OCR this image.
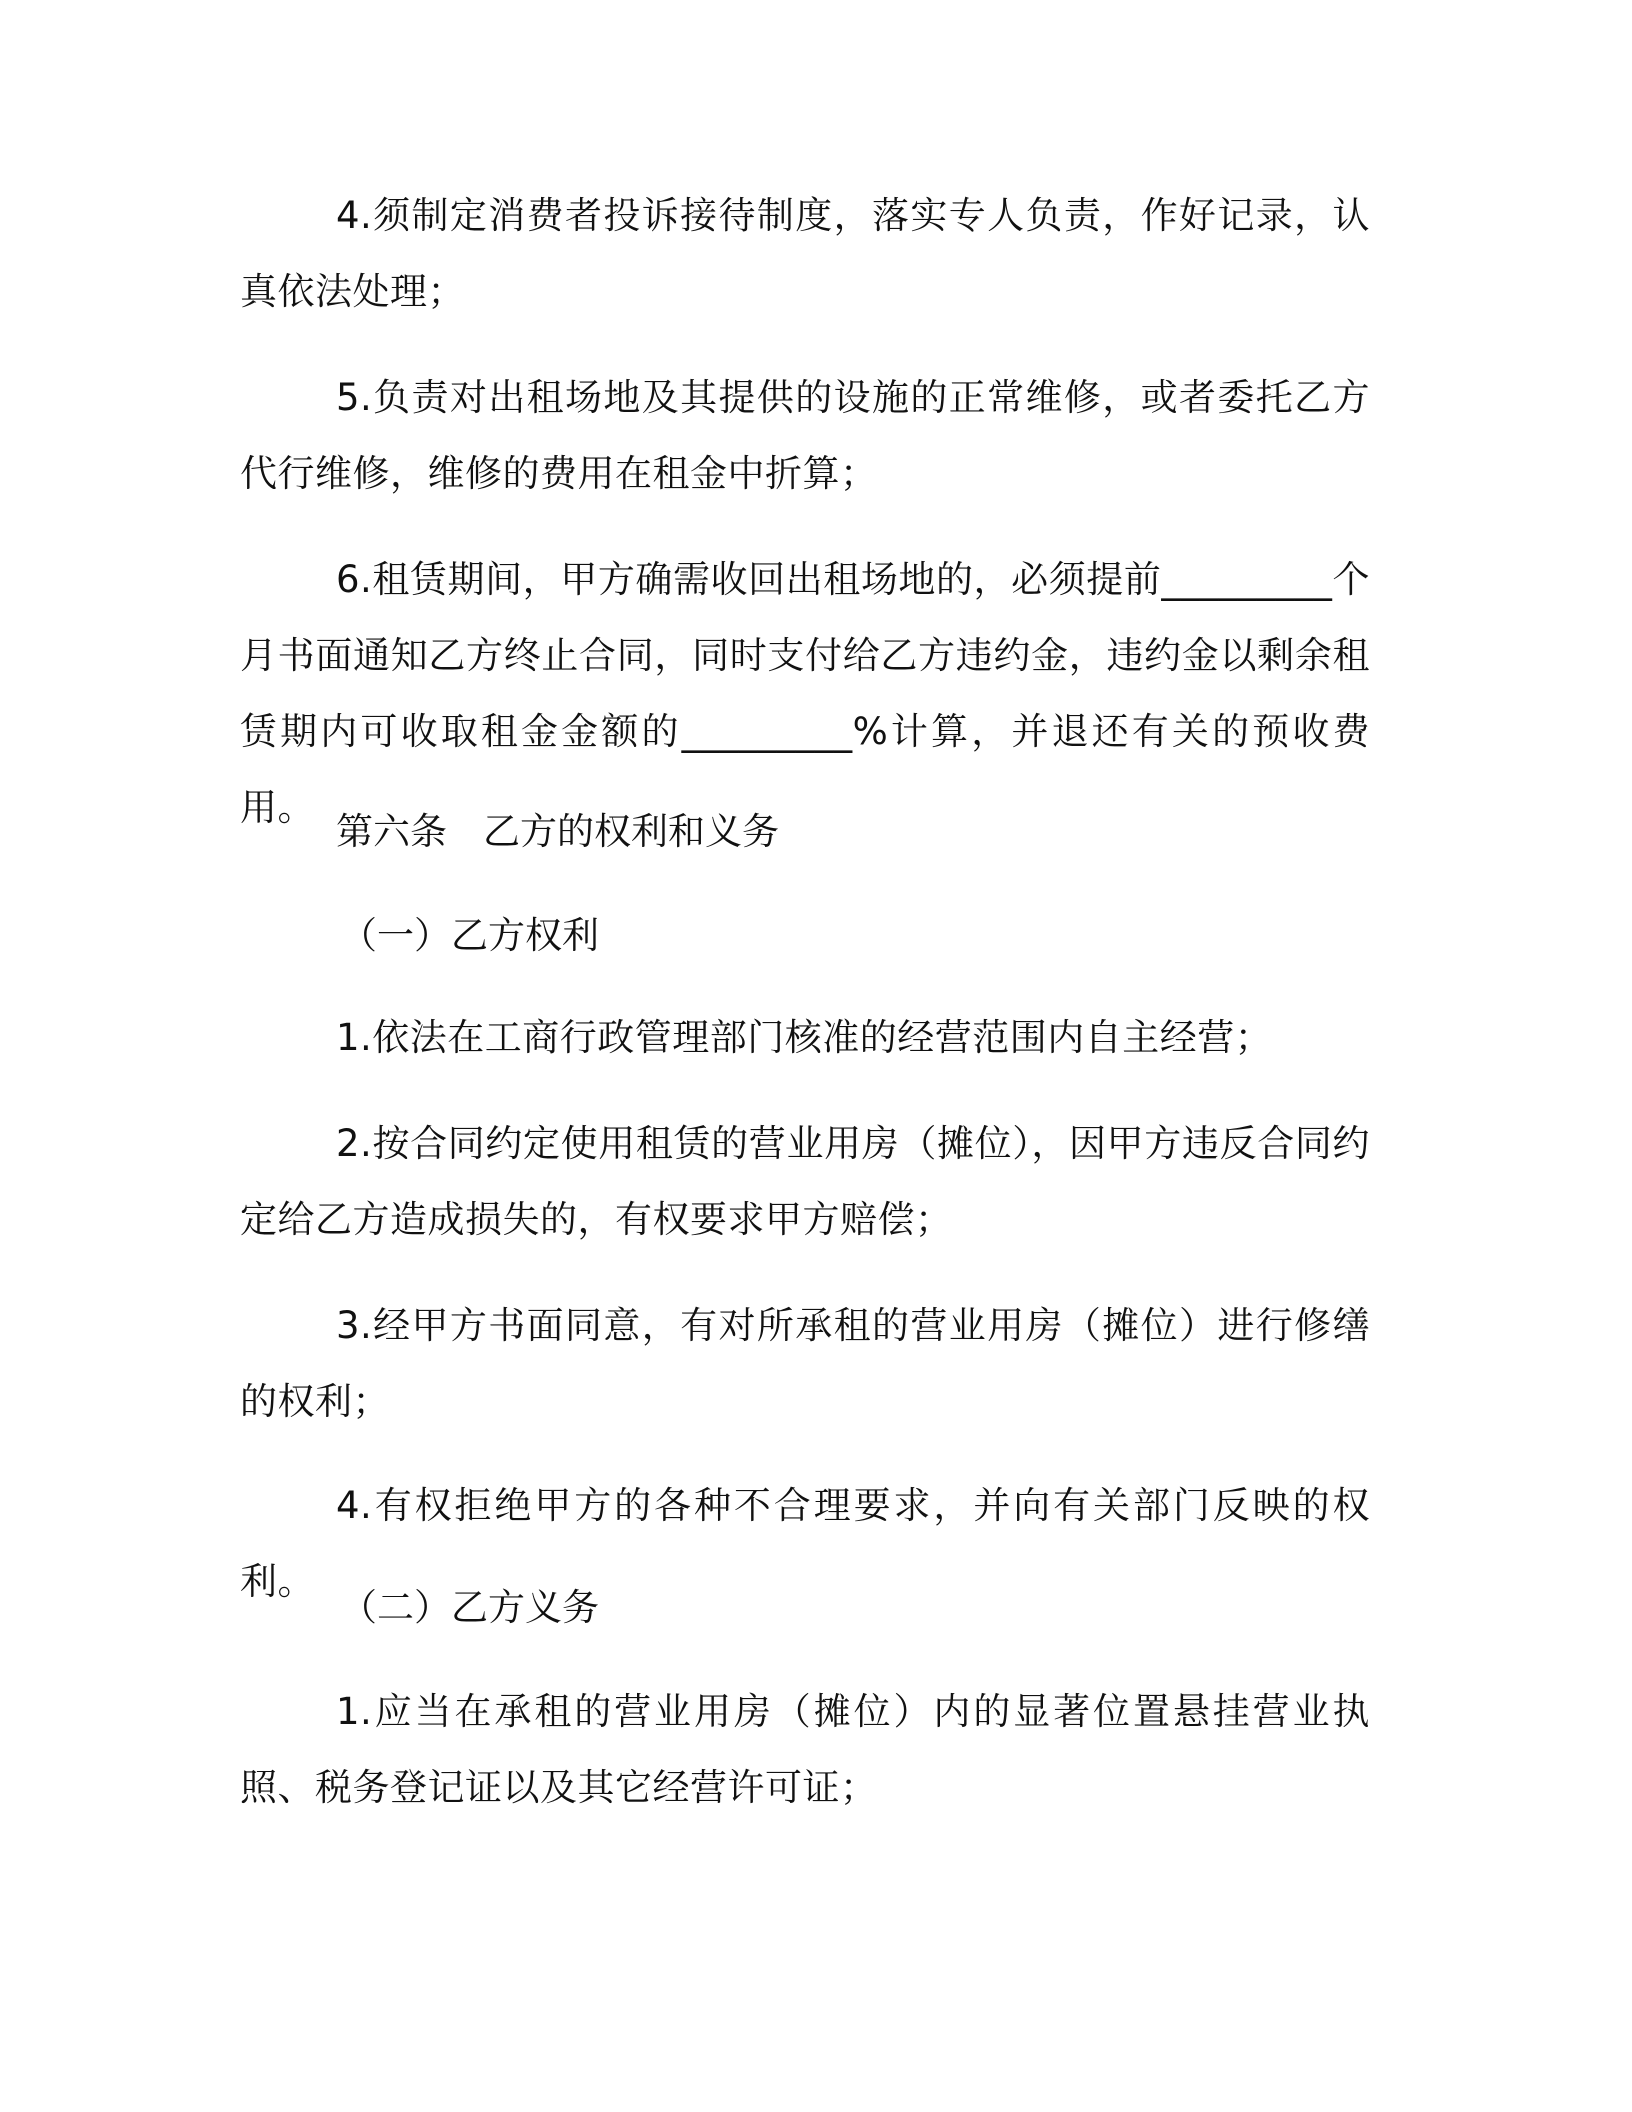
4.须制定消费者投诉接待制度，落实专人负责，作好记录，认真依法处理；

5.负责对出租场地及其提供的设施的正常维修，或者委托乙方代行维修，维修的费用在租金中折算；

6.租赁期间，甲方确需收回出租场地的，必须提前_________个月书面通知乙方终止合同，同时支付给乙方违约金，违约金以剩余租赁期内可收取租金金额的_________%计算，并退还有关的预收费用。

第六条 乙方的权利和义务

（一）乙方权利

1.依法在工商行政管理部门核准的经营范围内自主经营；

2.按合同约定使用租赁的营业用房（摊位），因甲方违反合同约定给乙方造成损失的，有权要求甲方赔偿；

3.经甲方书面同意，有对所承租的营业用房（摊位）进行修缮的权利；

4.有权拒绝甲方的各种不合理要求，并向有关部门反映的权利。

（二）乙方义务

1.应当在承租的营业用房（摊位）内的显著位置悬挂营业执照、税务登记证以及其它经营许可证；
